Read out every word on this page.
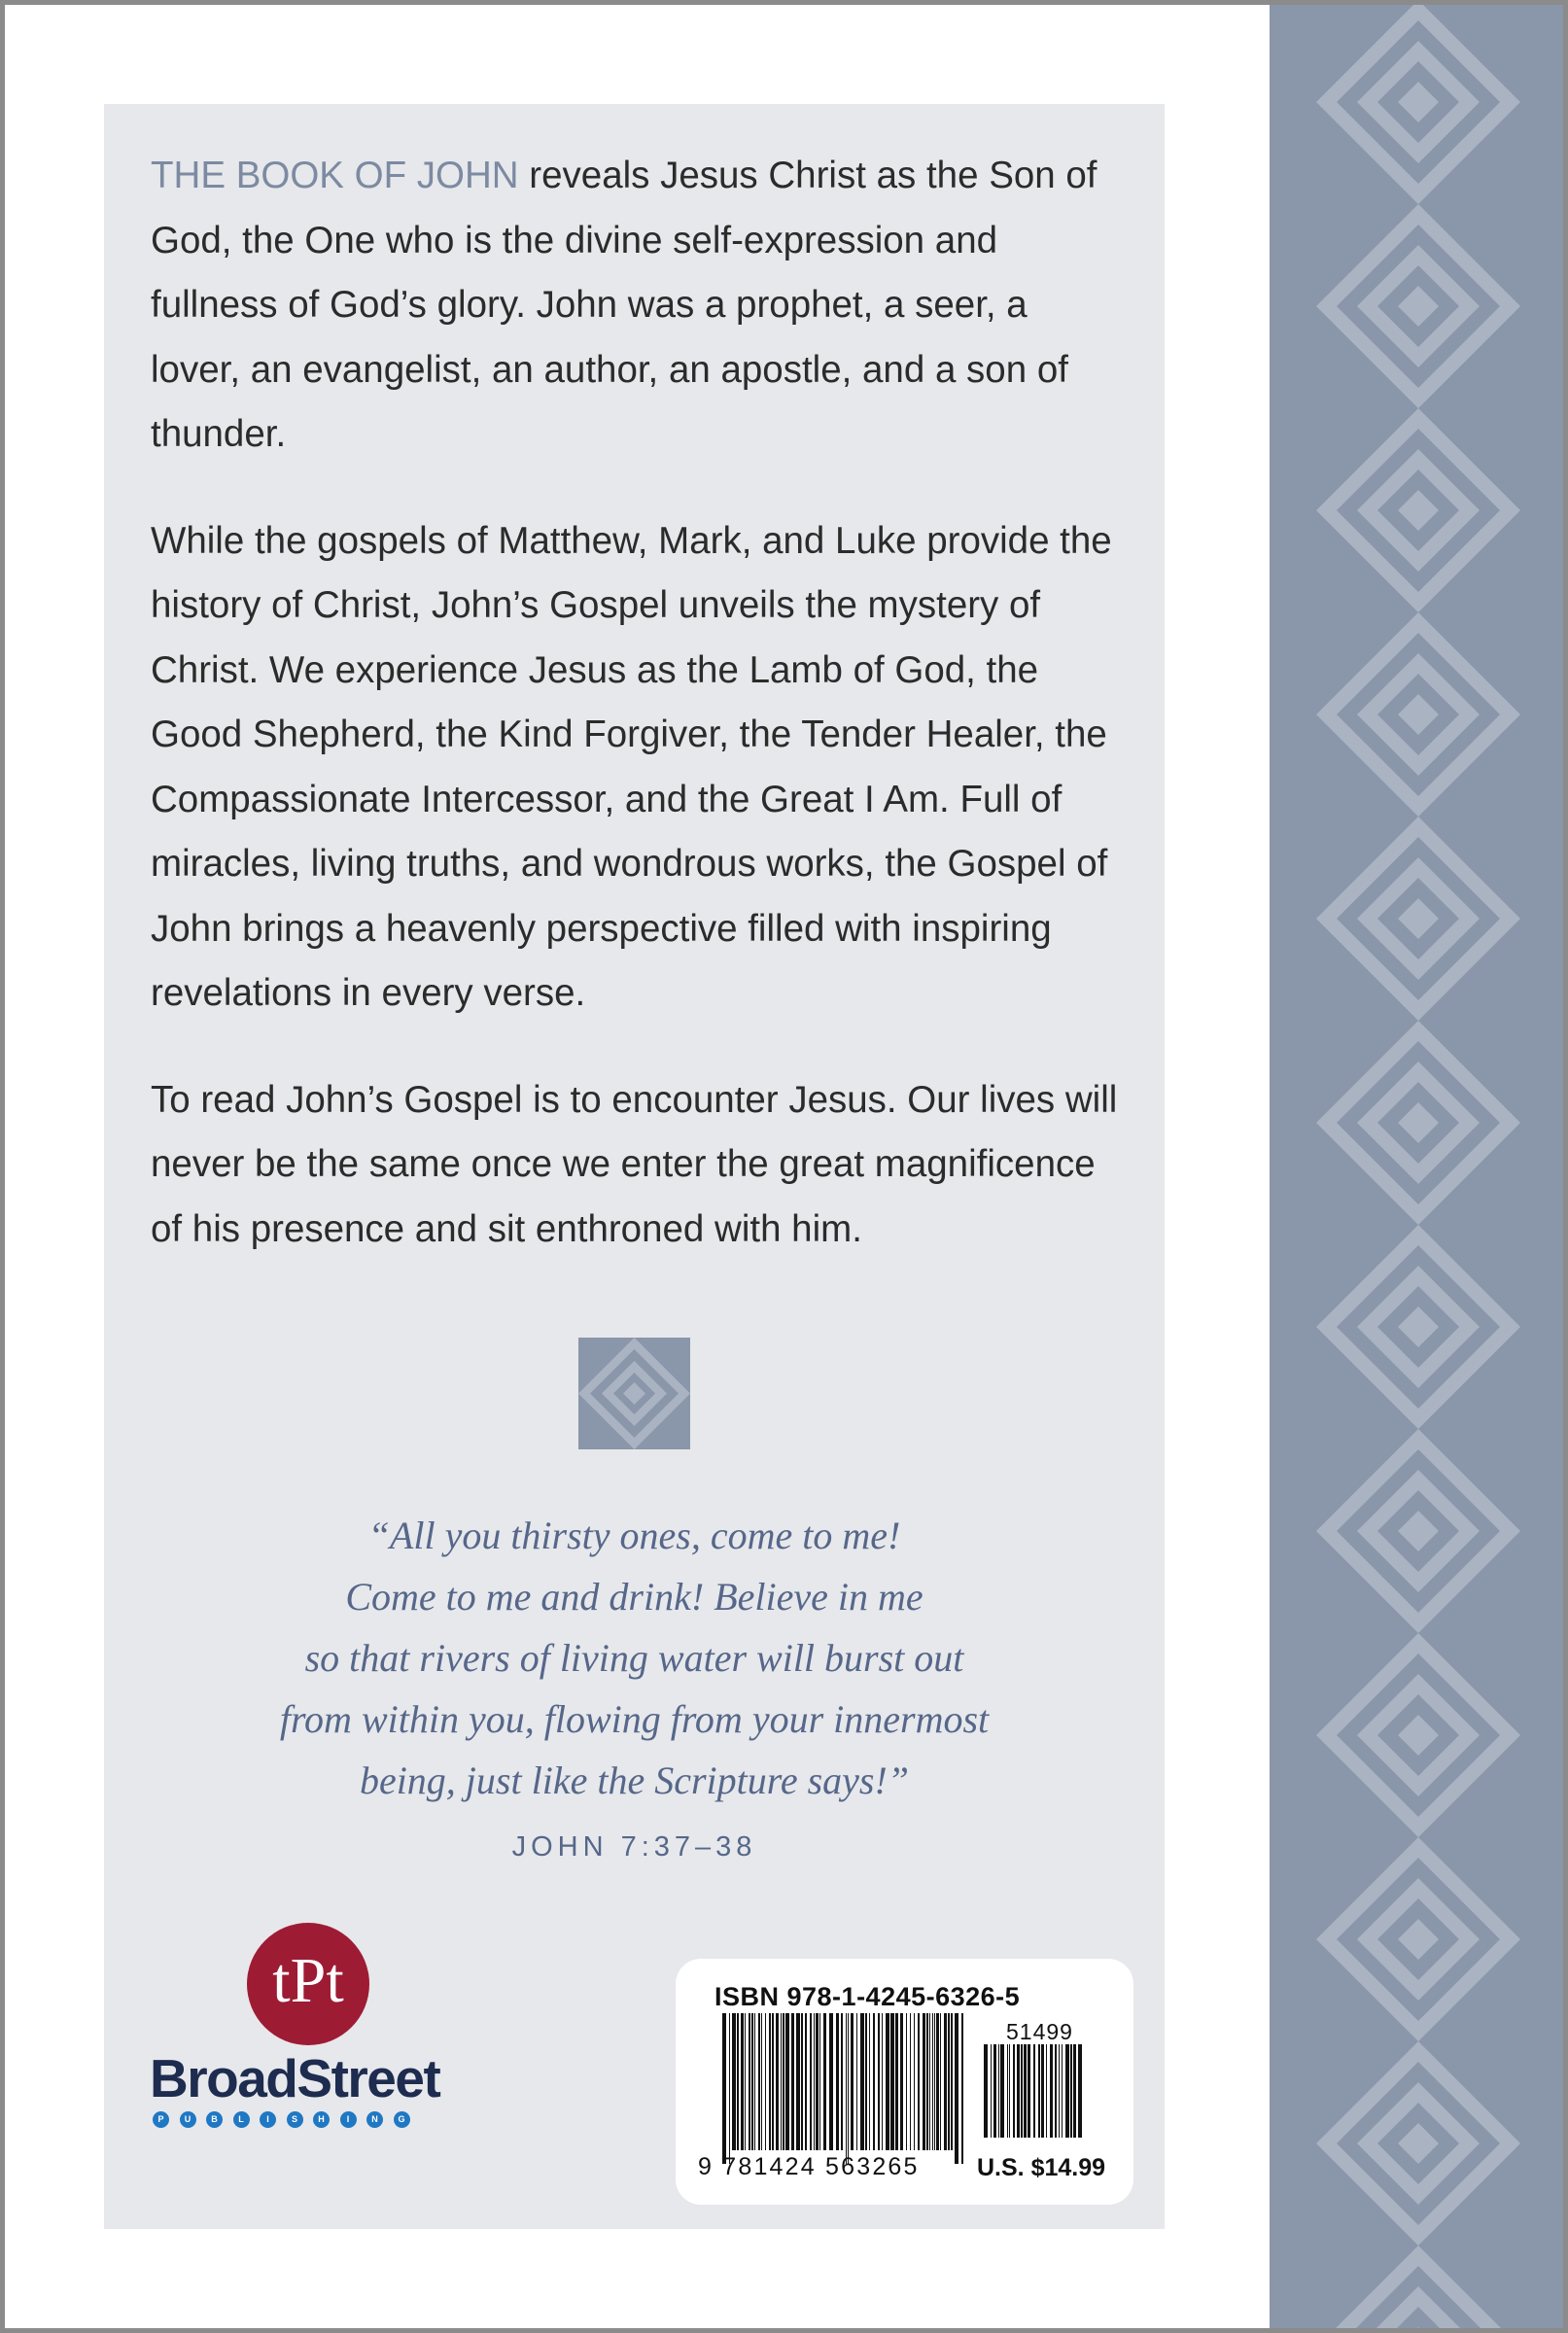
THE BOOK OF JOHN reveals Jesus Christ as the Son of God, the One who is the divine self-expression and fullness of God’s glory. John was a prophet, a seer, a lover, an evangelist, an author, an apostle, and a son of thunder.

While the gospels of Matthew, Mark, and Luke provide the history of Christ, John’s Gospel unveils the mystery of Christ. We experience Jesus as the Lamb of God, the Good Shepherd, the Kind Forgiver, the Tender Healer, the Compassionate Intercessor, and the Great I Am. Full of miracles, living truths, and wondrous works, the Gospel of John brings a heavenly perspective filled with inspiring revelations in every verse.

To read John’s Gospel is to encounter Jesus. Our lives will never be the same once we enter the great magnificence of his presence and sit enthroned with him.

“All you thirsty ones, come to me!
Come to me and drink! Believe in me
so that rivers of living water will burst out
from within you, flowing from your innermost
being, just like the Scripture says!”
JOHN 7:37–38
tPt
BroadStreet
P	U	B	L	I	S	H	I	N	G
ISBN 978-1-4245-6326-5
9 781424 563265
51499
U.S. $14.99
